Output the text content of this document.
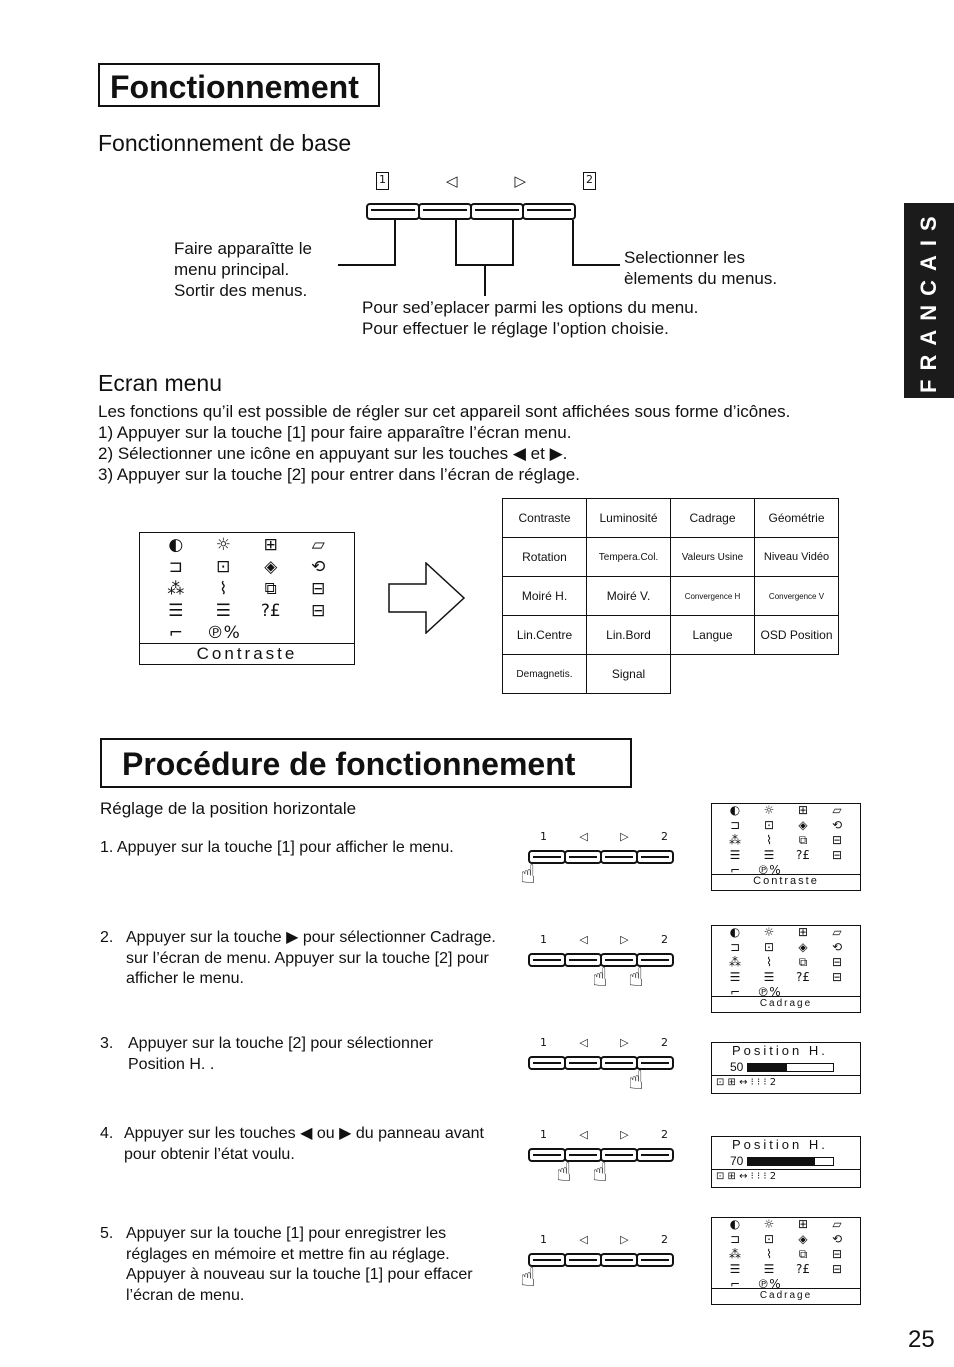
Fonctionnement
Fonctionnement de base
1	◁	▷	2
Faire apparaîtte le
menu principal.
Sortir des menus.
Selectionner les
èlements du menus.
Pour sed’eplacer parmi les options du menu.
Pour effectuer le réglage l’option choisie.	FRANCAIS
Ecran menu
Les fonctions qu’il est possible de régler sur cet appareil sont affichées sous forme d’icônes.
1) Appuyer sur la touche [1] pour faire apparaître l’écran menu.
2) Sélectionner une icône en appuyant sur les touches ◀ et ▶.
3) Appuyer sur la touche [2] pour entrer dans l’écran de réglage.
◐	☼	⊞	▱
⊐	⊡	◈	⟲
⁂	⌇	⧉	⊟
☰	☰	?£	⊟
⌐	℗%
Contraste
Contraste	Luminosité	Cadrage	Géométrie
Rotation	Tempera.Col.	Valeurs Usine	Niveau Vidéo
Moiré H.	Moiré V.	Convergence H	Convergence V
Lin.Centre	Lin.Bord	Langue	OSD Position
Demagnetis.	Signal		
Procédure de fonctionnement
Réglage de la position horizontale
1. Appuyer sur la touche [1] pour afficher le menu.
2. Appuyer sur la touche ▶ pour sélectionner Cadrage.
sur l’écran de menu. Appuyer sur la touche [2] pour
afficher le menu.
3. Appuyer sur la touche [2] pour sélectionner
Position H. .
4. Appuyer sur les touches ◀ ou ▶ du panneau avant
pour obtenir l’état voulu.
5. Appuyer sur la touche [1] pour enregistrer les
réglages en mémoire et mettre fin au réglage.
Appuyer à nouveau sur la touche [1] pour effacer
l’écran de menu.
1	◁	▷	2
☝
1	◁	▷	2
☝ ☝
1	◁	▷	2
☝
1	◁	▷	2
☝ ☝
1	◁	▷	2
☝
◐	☼	⊞	▱
⊐	⊡	◈	⟲
⁂	⌇	⧉	⊟
☰	☰	?£	⊟
⌐	℗%
Contraste
◐	☼	⊞	▱
⊐	⊡	◈	⟲
⁂	⌇	⧉	⊟
☰	☰	?£	⊟
⌐	℗%
Cadrage
Position H.
50
⊡ ⊞ ↔ ⁝ ⁝ ⁝ 2
Position H.
70
⊡ ⊞ ↔ ⁝ ⁝ ⁝ 2
◐	☼	⊞	▱
⊐	⊡	◈	⟲
⁂	⌇	⧉	⊟
☰	☰	?£	⊟
⌐	℗%
Cadrage
25
